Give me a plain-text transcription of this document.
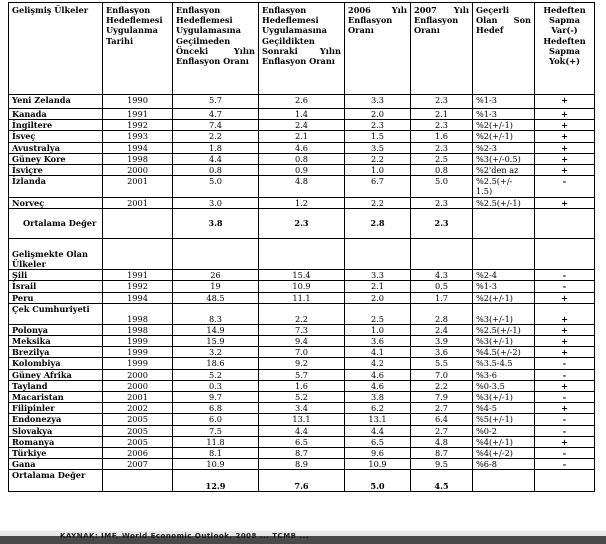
Gelişmiş Ülkeler	Enflasyon Hedeflemesi Uygulanma Tarihi	Enflasyon Hedeflemesi Uygulamasına Geçilmeden Önceki Yılın Enflasyon Oranı	Enflasyon Hedeflemesi Uygulamasına Geçildikten Sonraki Yılın Enflasyon Oranı	2006 Yılı Enflasyon Oranı	2007 Yılı Enflasyon Oranı	Geçerli Olan Son Hedef	Hedeften Sapma Var(-) Hedeften Sapma Yok(+)
Yeni Zelanda	1990	5.7	2.6	3.3	2.3	%1-3	+
Kanada	1991	4.7	1.4	2.0	2.1	%1-3	+
İngiltere	1992	7.4	2.4	2.3	2.3	%2(+/-1)	+
İsveç	1993	2.2	2.1	1.5	1.6	%2(+/-1)	+
Avustralya	1994	1.8	4.6	3.5	2.3	%2-3	+
Güney Kore	1998	4.4	0.8	2.2	2.5	%3(+/-0.5)	+
İsviçre	2000	0.8	0.9	1.0	0.8	%2'den az	+
İzlanda	2001	5.0	4.8	6.7	5.0	%2.5(+/- 1.5)	-
Norveç	2001	3.0	1.2	2.2	2.3	%2.5(+/-1)	+
Ortalama Değer		3.8	2.3	2.8	2.3		
Gelişmekte Olan Ülkeler							
Şili	1991	26	15.4	3.3	4.3	%2-4	-
İsrail	1992	19	10.9	2.1	0.5	%1-3	-
Peru	1994	48.5	11.1	2.0	1.7	%2(+/-1)	+
Çek Cumhuriyeti	1998	8.3	2.2	2.5	2.8	%3(+/-1)	+
Polonya	1998	14.9	7.3	1.0	2.4	%2.5(+/-1)	+
Meksika	1999	15.9	9.4	3.6	3.9	%3(+/-1)	+
Brezilya	1999	3.2	7.0	4.1	3.6	%4.5(+/-2)	+
Kolombiya	1999	18.6	9.2	4.2	5.5	%3.5-4.5	-
Güney Afrika	2000	5.2	5.7	4.6	7.0	%3-6	-
Tayland	2000	0.3	1.6	4.6	2.2	%0-3.5	+
Macaristan	2001	9.7	5.2	3.8	7.9	%3(+/-1)	-
Filipinler	2002	6.8	3.4	6.2	2.7	%4-5	+
Endonezya	2005	6.0	13.1	13.1	6.4	%5(+/-1)	-
Slovakya	2005	7.5	4.4	4.4	2.7	%0-2	-
Romanya	2005	11.8	6.5	6.5	4.8	%4(+/-1)	+
Türkiye	2006	8.1	8.7	9.6	8.7	%4(+/-2)	-
Gana	2007	10.9	8.9	10.9	9.5	%6-8	-
Ortalama Değer		12.9	7.6	5.0	4.5		
KAYNAK: IMF, World Economic Outlook, 2008 ... TCMB ...
